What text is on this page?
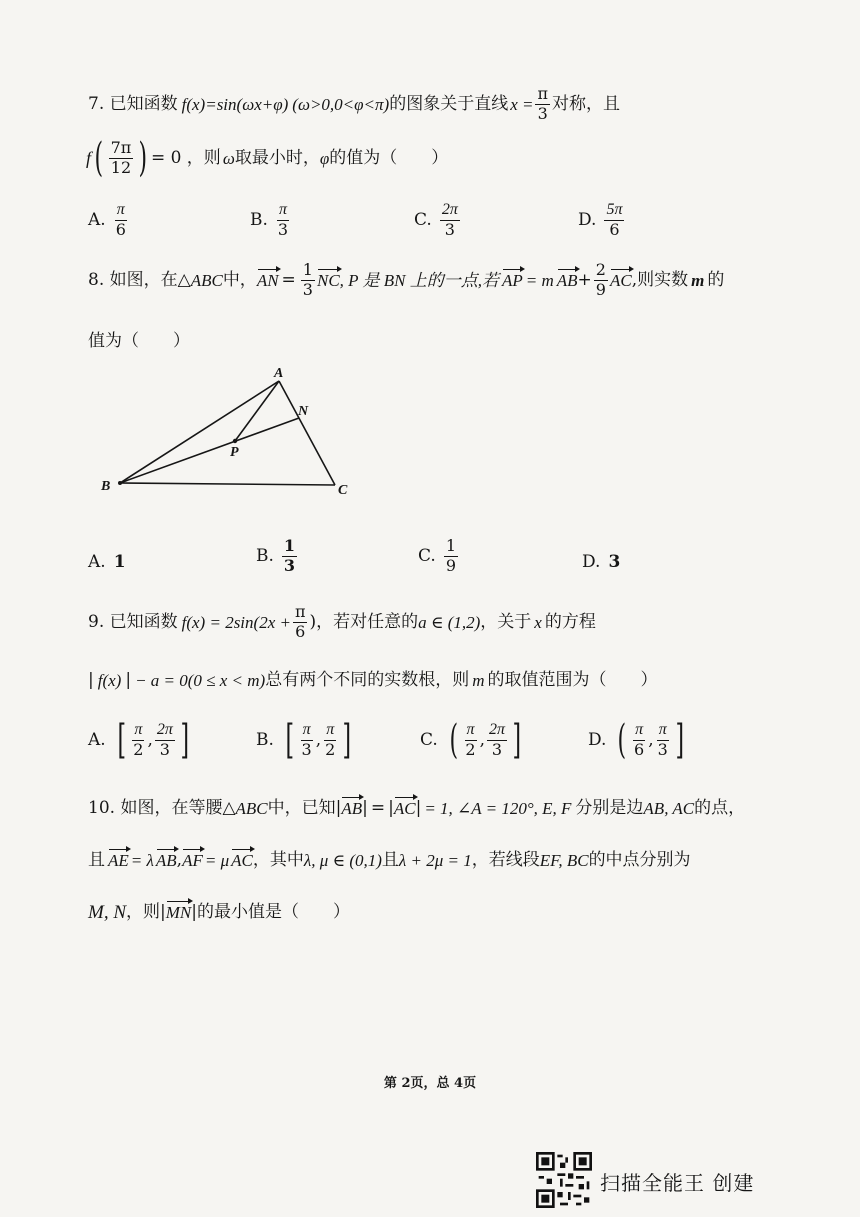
7. 已知函数 f(x)=sin(ωx+φ) (ω>0,0<φ<π) 的图象关于直线 $x = \frac{\pi}{3}$ 对称，且
f ( $\frac{7\pi}{12}$ ) = 0 ，则 ω 取最小时， φ 的值为（　　）
A. $\frac{\pi}{6}$	B. $\frac{\pi}{3}$	C. $\frac{2\pi}{3}$	D. $\frac{5\pi}{6}$
8. 如图，在△ ABC 中， AN = $\frac{1}{3}$ NC , P 是 BN 上的一点,若 AP = m AB + $\frac{2}{9}$ AC ,则实数 m 的
值为（　　）
A
B	C
N
P
A. 1	B. $\frac{1}{3}$	C. $\frac{1}{9}$	D. 3
9. 已知函数 $f(x) = 2\sin(2x + \frac{\pi}{6}$ ) ，若对任意的 a ∈ (1,2) ，关于 x 的方程
| f(x) | − a = 0(0 ≤ x < m) 总有两个不同的实数根，则 m 的取值范围为（　　）
A. [ $\frac{\pi}{2}$ , $\frac{2\pi}{3}$ ]	B. [ $\frac{\pi}{3}$ , $\frac{\pi}{2}$ ]	C. ( $\frac{\pi}{2}$ , $\frac{2\pi}{3}$ ]	D. ( $\frac{\pi}{6}$ , $\frac{\pi}{3}$ ]
10. 如图，在等腰△ ABC 中，已知 | AB | = | AC | = 1, ∠A = 120°, E, F 分别是边 AB, AC 的点，
且 AE = λ AB , AF = μ AC ，其中 λ, μ ∈ (0,1) 且 λ + 2μ = 1 ，若线段 EF, BC 的中点分别为
M, N ，则 | MN | 的最小值是（　　）
第 2页，总 4页
扫描全能王 创建
